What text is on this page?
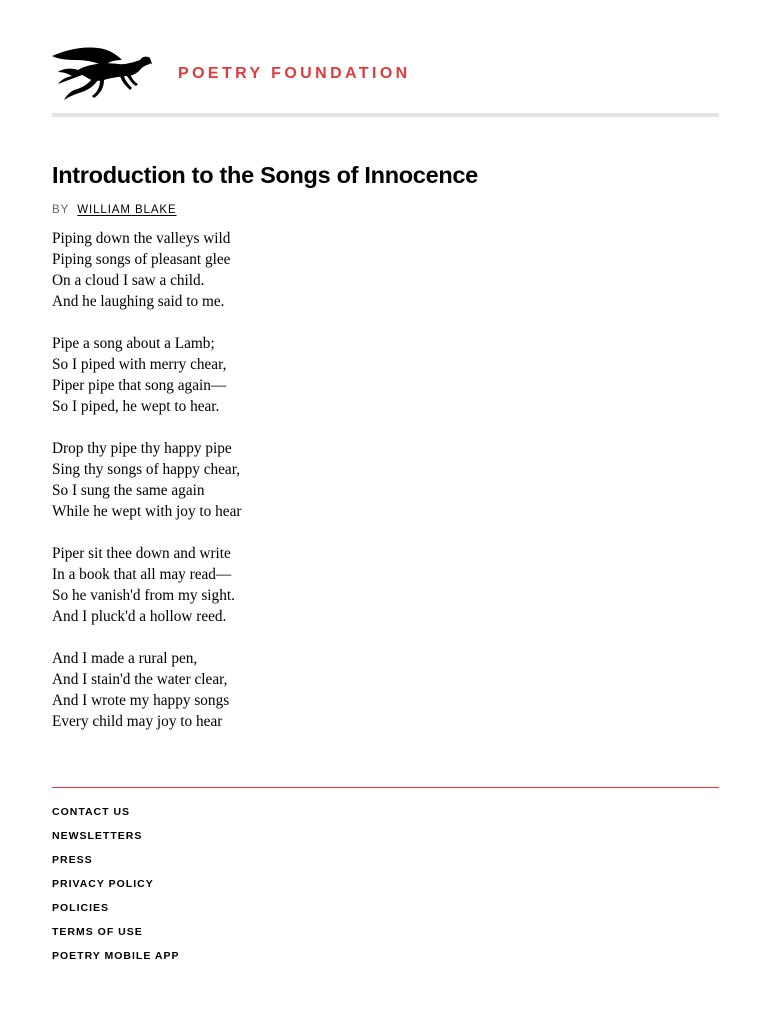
POETRY FOUNDATION
Introduction to the Songs of Innocence
BY WILLIAM BLAKE
Piping down the valleys wild
Piping songs of pleasant glee
On a cloud I saw a child.
And he laughing said to me.
Pipe a song about a Lamb;
So I piped with merry chear,
Piper pipe that song again—
So I piped, he wept to hear.
Drop thy pipe thy happy pipe
Sing thy songs of happy chear,
So I sung the same again
While he wept with joy to hear
Piper sit thee down and write
In a book that all may read—
So he vanish'd from my sight.
And I pluck'd a hollow reed.
And I made a rural pen,
And I stain'd the water clear,
And I wrote my happy songs
Every child may joy to hear
CONTACT US
NEWSLETTERS
PRESS
PRIVACY POLICY
POLICIES
TERMS OF USE
POETRY MOBILE APP
